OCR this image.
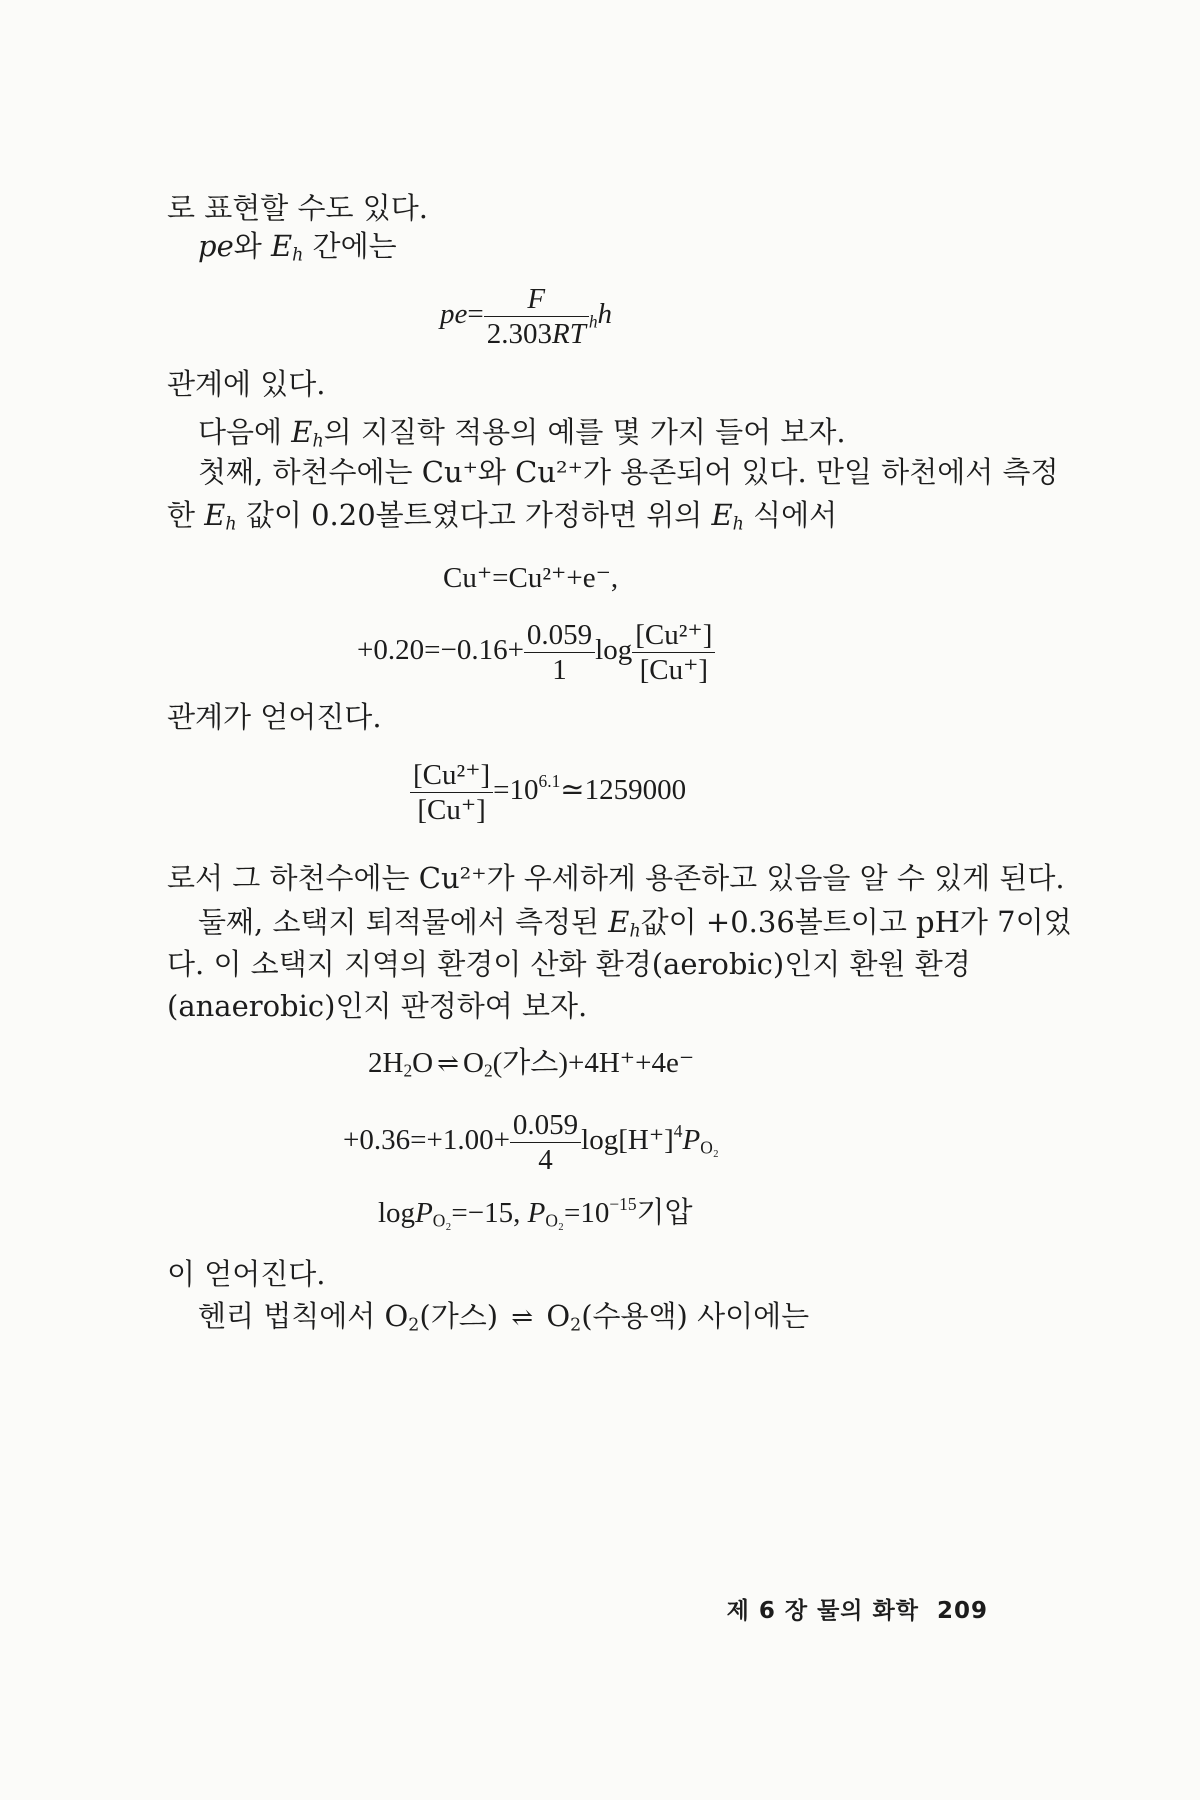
로 표현할 수도 있다.
pe와 $E_h$ 간에는
$pe= \frac{F}{2.303RT} _hh$
관계에 있다.
다음에 $E_h$의 지질학 적용의 예를 몇 가지 들어 보자.
첫째, 하천수에는 Cu⁺와 Cu²⁺가 용존되어 있다. 만일 하천에서 측정
한 $E_h$ 값이 0.20볼트였다고 가정하면 위의 $E_h$ 식에서
Cu⁺=Cu²⁺+e⁻,
$+0.20=-0.16+ \frac{0.059}{1}$ $\log \frac{\text{[Cu²⁺]}}{[Cu^+]}$
관계가 얻어진다.
$\frac{\text{[Cu²⁺]}}{[Cu^+]}$ $=10^{6.1}≃1259000$
로서 그 하천수에는 Cu²⁺가 우세하게 용존하고 있음을 알 수 있게 된다.
둘째, 소택지 퇴적물에서 측정된 $E_h$값이 +0.36볼트이고 pH가 7이었
다. 이 소택지 지역의 환경이 산화 환경(aerobic)인지 환원 환경
(anaerobic)인지 판정하여 보자.
$2H_2O$ ⇌ $O_2$(가스)+4H⁺+4e⁻
$+0.36=+1.00+ \frac{0.059}{4} \log[H^+]^4P_{O_2}$
logP$_{O_2}$=−15, $P_{O_2}=10^{-15}$기압
이 얻어진다.
헨리 법칙에서 $O_2$(가스) ⇌ $O_2$(수용액) 사이에는
제 6 장 물의 화학 209
